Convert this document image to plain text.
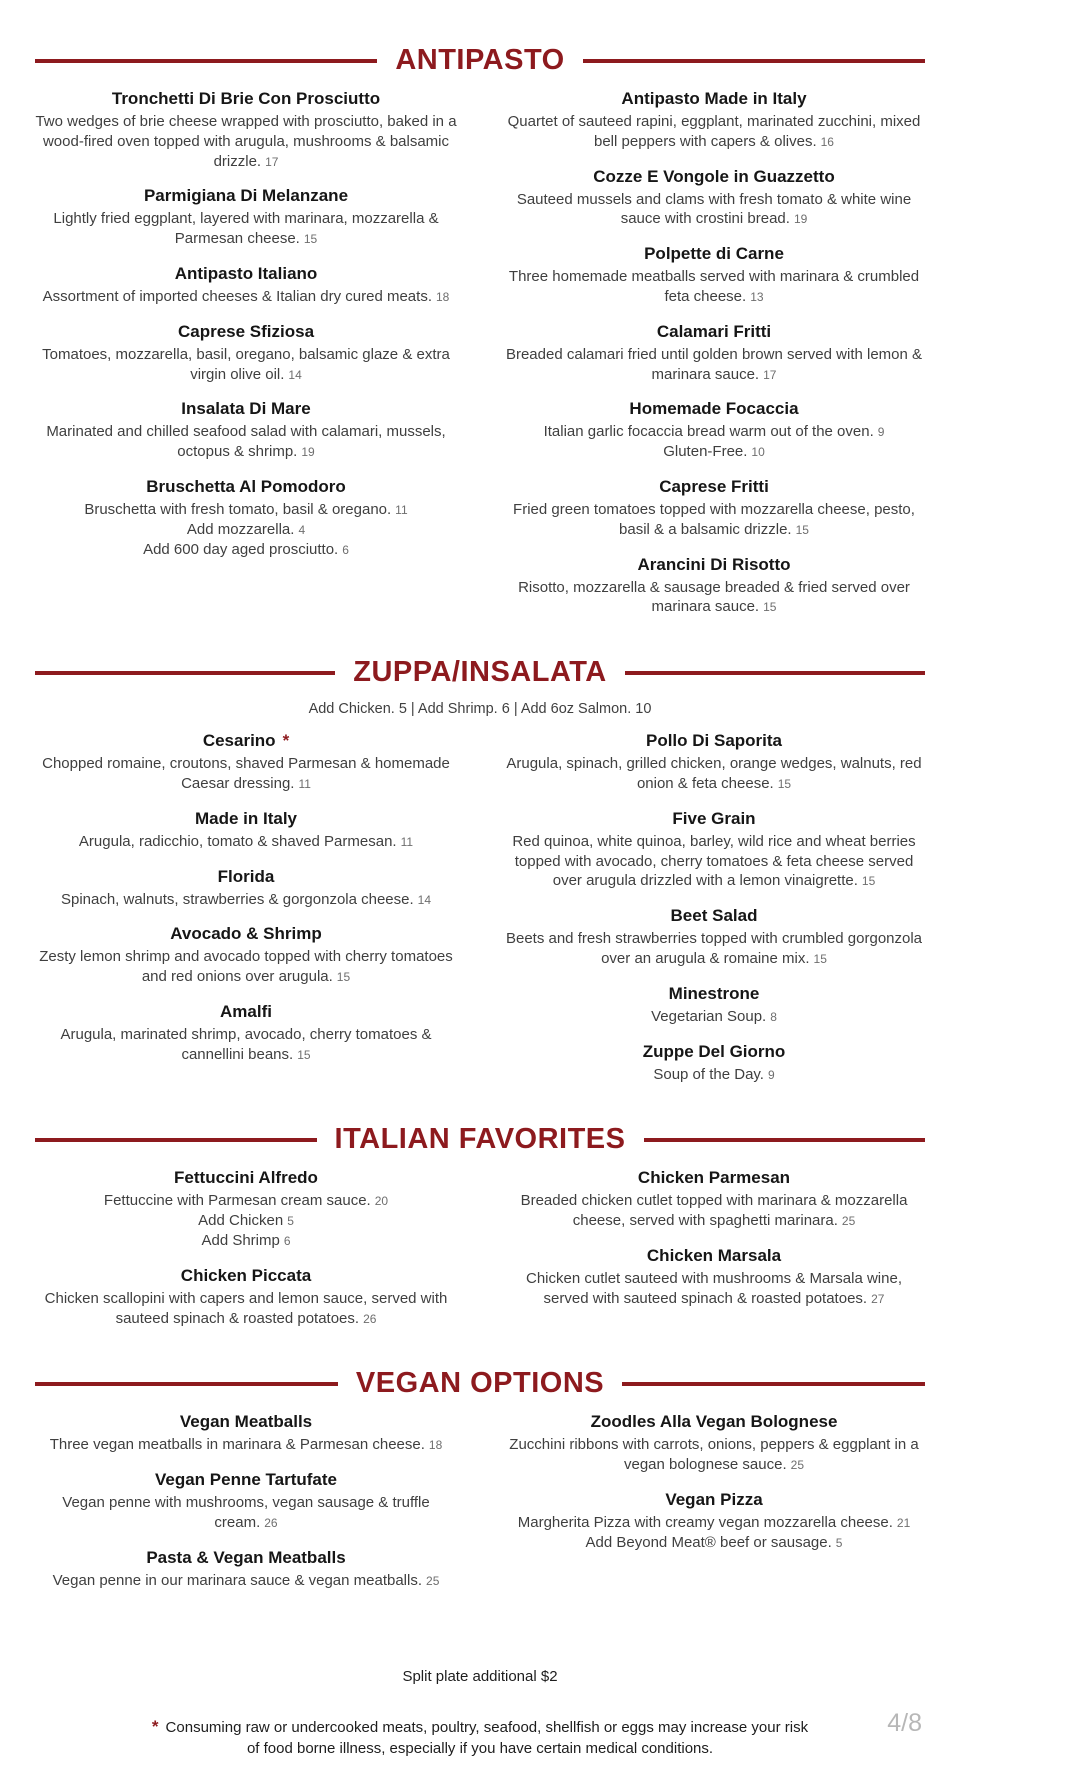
ANTIPASTO
Tronchetti Di Brie Con Prosciutto

Two wedges of brie cheese wrapped with prosciutto, baked in a wood-fired oven topped with arugula, mushrooms & balsamic drizzle. 17

Parmigiana Di Melanzane

Lightly fried eggplant, layered with marinara, mozzarella & Parmesan cheese. 15

Antipasto Italiano

Assortment of imported cheeses & Italian dry cured meats. 18

Caprese Sfiziosa

Tomatoes, mozzarella, basil, oregano, balsamic glaze & extra virgin olive oil. 14

Insalata Di Mare

Marinated and chilled seafood salad with calamari, mussels, octopus & shrimp. 19

Bruschetta Al Pomodoro

Bruschetta with fresh tomato, basil & oregano. 11

Add mozzarella. 4

Add 600 day aged prosciutto. 6

Antipasto Made in Italy

Quartet of sauteed rapini, eggplant, marinated zucchini, mixed bell peppers with capers & olives. 16

Cozze E Vongole in Guazzetto

Sauteed mussels and clams with fresh tomato & white wine sauce with crostini bread. 19

Polpette di Carne

Three homemade meatballs served with marinara & crumbled feta cheese. 13

Calamari Fritti

Breaded calamari fried until golden brown served with lemon & marinara sauce. 17

Homemade Focaccia

Italian garlic focaccia bread warm out of the oven. 9

Gluten-Free. 10

Caprese Fritti

Fried green tomatoes topped with mozzarella cheese, pesto, basil & a balsamic drizzle. 15

Arancini Di Risotto

Risotto, mozzarella & sausage breaded & fried served over marinara sauce. 15

ZUPPA/INSALATA

Add Chicken. 5 | Add Shrimp. 6 | Add 6oz Salmon. 10

Cesarino *

Chopped romaine, croutons, shaved Parmesan & homemade Caesar dressing. 11

Made in Italy

Arugula, radicchio, tomato & shaved Parmesan. 11

Florida

Spinach, walnuts, strawberries & gorgonzola cheese. 14

Avocado & Shrimp

Zesty lemon shrimp and avocado topped with cherry tomatoes and red onions over arugula. 15

Amalfi

Arugula, marinated shrimp, avocado, cherry tomatoes & cannellini beans. 15

Pollo Di Saporita

Arugula, spinach, grilled chicken, orange wedges, walnuts, red onion & feta cheese. 15

Five Grain

Red quinoa, white quinoa, barley, wild rice and wheat berries topped with avocado, cherry tomatoes & feta cheese served over arugula drizzled with a lemon vinaigrette. 15

Beet Salad

Beets and fresh strawberries topped with crumbled gorgonzola over an arugula & romaine mix. 15

Minestrone

Vegetarian Soup. 8

Zuppe Del Giorno

Soup of the Day. 9

ITALIAN FAVORITES
Fettuccini Alfredo

Fettuccine with Parmesan cream sauce. 20

Add Chicken 5

Add Shrimp 6

Chicken Piccata

Chicken scallopini with capers and lemon sauce, served with sauteed spinach & roasted potatoes. 26

Chicken Parmesan

Breaded chicken cutlet topped with marinara & mozzarella cheese, served with spaghetti marinara. 25

Chicken Marsala

Chicken cutlet sauteed with mushrooms & Marsala wine, served with sauteed spinach & roasted potatoes. 27

VEGAN OPTIONS
Vegan Meatballs

Three vegan meatballs in marinara & Parmesan cheese. 18

Vegan Penne Tartufate

Vegan penne with mushrooms, vegan sausage & truffle cream. 26

Pasta & Vegan Meatballs

Vegan penne in our marinara sauce & vegan meatballs. 25

Zoodles Alla Vegan Bolognese

Zucchini ribbons with carrots, onions, peppers & eggplant in a vegan bolognese sauce. 25

Vegan Pizza

Margherita Pizza with creamy vegan mozzarella cheese. 21

Add Beyond Meat® beef or sausage. 5

Split plate additional $2

* Consuming raw or undercooked meats, poultry, seafood, shellfish or eggs may increase your risk of food borne illness, especially if you have certain medical conditions.

4/8
